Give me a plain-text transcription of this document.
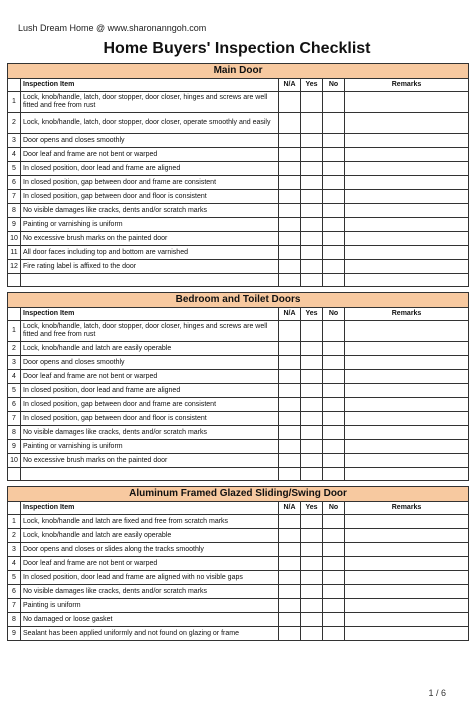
Lush Dream Home @ www.sharonanngoh.com
Home Buyers' Inspection Checklist
Main Door					
	Inspection Item	N/A	Yes	No	Remarks
1	Lock, knob/handle, latch, door stopper, door closer, hinges and screws are well fitted and free from rust				
2	Lock, knob/handle, latch, door stopper, door closer, operate smoothly and easily				
3	Door opens and closes smoothly				
4	Door leaf and frame are not bent or warped				
5	In closed position, door lead and frame are aligned				
6	In closed position, gap between door and frame are consistent				
7	In closed position, gap between door and floor is consistent				
8	No visible damages like cracks, dents and/or scratch marks				
9	Painting or varnishing is uniform				
10	No excessive brush marks on the painted door				
11	All door faces including top and bottom are varnished				
12	Fire rating label is affixed to the door				

Bedroom and Toilet Doors					
	Inspection Item	N/A	Yes	No	Remarks
1	Lock, knob/handle, latch, door stopper, door closer, hinges and screws are well fitted and free from rust				
2	Lock, knob/handle and latch are easily operable				
3	Door opens and closes smoothly				
4	Door leaf and frame are not bent or warped				
5	In closed position, door lead and frame are aligned				
6	In closed position, gap between door and frame are consistent				
7	In closed position, gap between door and floor is consistent				
8	No visible damages like cracks, dents and/or scratch marks				
9	Painting or varnishing is uniform				
10	No excessive brush marks on the painted door				

Aluminum Framed Glazed Sliding/Swing Door					
	Inspection Item	N/A	Yes	No	Remarks
1	Lock, knob/handle and latch are fixed and free from scratch marks				
2	Lock, knob/handle and latch are easily operable				
3	Door opens and closes or slides along the tracks smoothly				
4	Door leaf and frame are not bent or warped				
5	In closed position, door lead and frame are aligned with no visible gaps				
6	No visible damages like cracks, dents and/or scratch marks				
7	Painting is uniform				
8	No damaged or loose gasket				
9	Sealant has been applied uniformly and not found on glazing or frame				
1 / 6
